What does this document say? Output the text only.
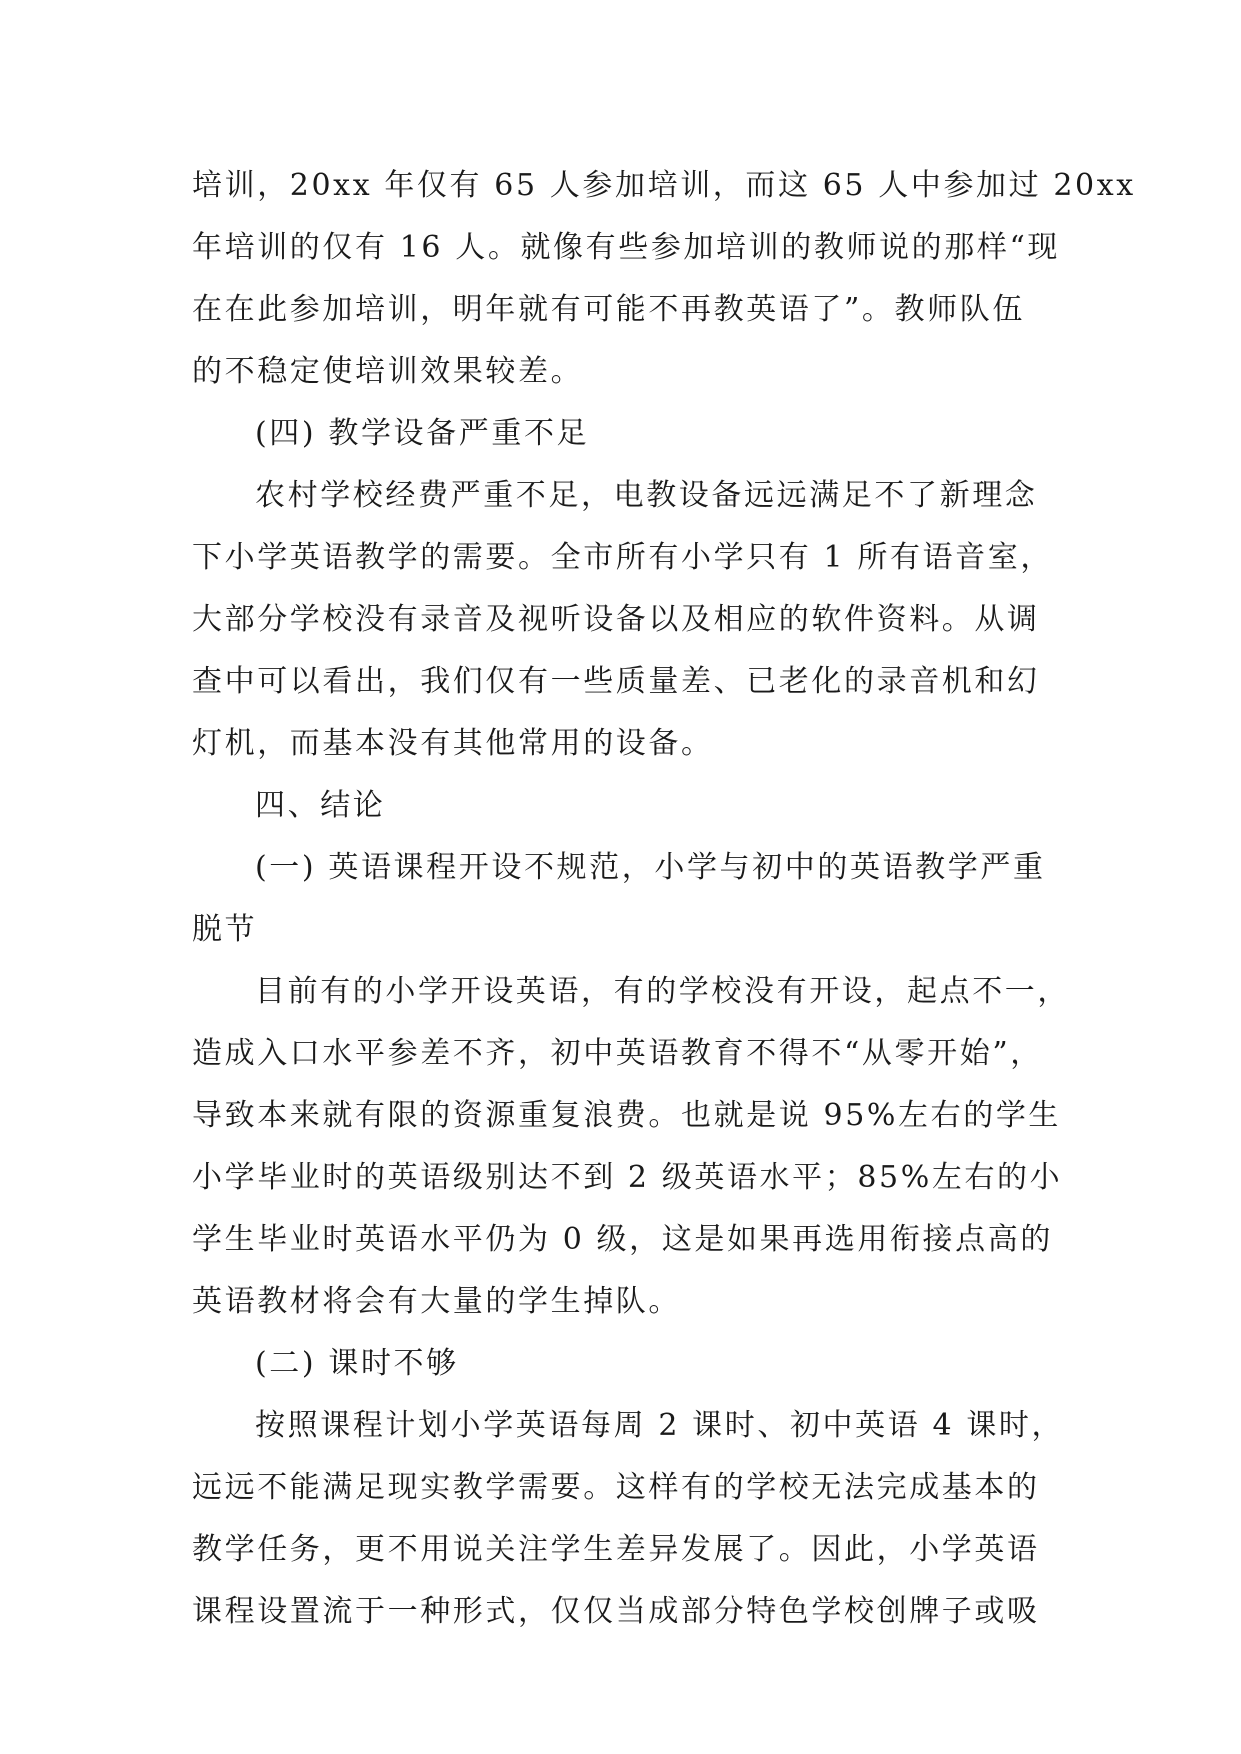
培训，20xx 年仅有 65 人参加培训，而这 65 人中参加过 20xx
年培训的仅有 16 人。就像有些参加培训的教师说的那样“现
在在此参加培训，明年就有可能不再教英语了”。教师队伍
的不稳定使培训效果较差。
(四) 教学设备严重不足
农村学校经费严重不足，电教设备远远满足不了新理念
下小学英语教学的需要。全市所有小学只有 1 所有语音室，
大部分学校没有录音及视听设备以及相应的软件资料。从调
查中可以看出，我们仅有一些质量差、已老化的录音机和幻
灯机，而基本没有其他常用的设备。
四、结论
(一) 英语课程开设不规范，小学与初中的英语教学严重
脱节
目前有的小学开设英语，有的学校没有开设，起点不一，
造成入口水平参差不齐，初中英语教育不得不“从零开始”，
导致本来就有限的资源重复浪费。也就是说 95%左右的学生
小学毕业时的英语级别达不到 2 级英语水平；85%左右的小
学生毕业时英语水平仍为 0 级，这是如果再选用衔接点高的
英语教材将会有大量的学生掉队。
(二) 课时不够
按照课程计划小学英语每周 2 课时、初中英语 4 课时，
远远不能满足现实教学需要。这样有的学校无法完成基本的
教学任务，更不用说关注学生差异发展了。因此，小学英语
课程设置流于一种形式，仅仅当成部分特色学校创牌子或吸
